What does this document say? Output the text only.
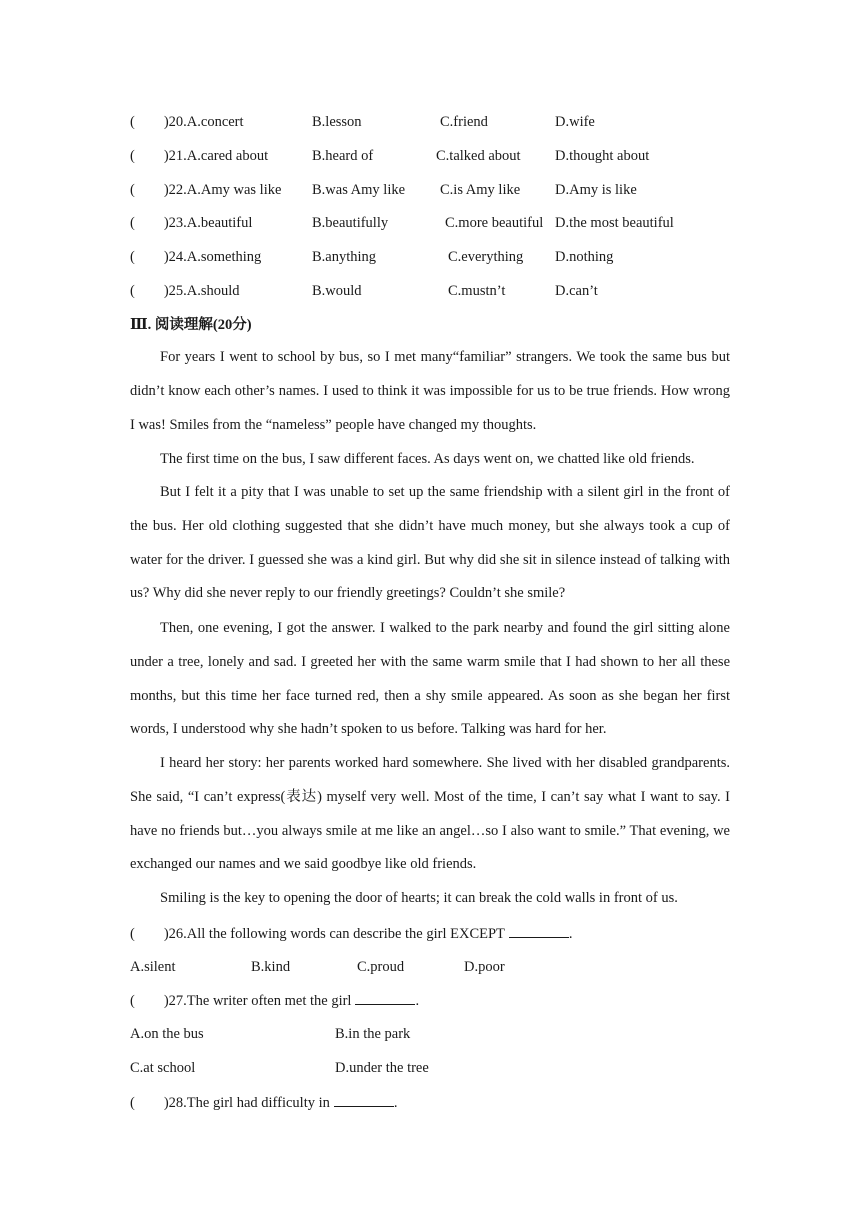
(　　)20.A.concert	B.lesson	C.friend	D.wife
(　　)21.A.cared about	B.heard of	C.talked about D.thought about
(　　)22.A.Amy was like B.was Amy like C.is Amy like D.Amy is like
(　　)23.A.beautiful	B.beautifully	C.more beautiful D.the most beautiful
(　　)24.A.something	B.anything	C.everything D.nothing
(　　)25.A.should	B.would	C.mustn’t	D.can’t
Ⅲ. 阅读理解(20分)
For years I went to school by bus, so I met many“familiar” strangers. We took the same bus but didn’t know each other’s names. I used to think it was impossible for us to be true friends. How wrong I was! Smiles from the “nameless” people have changed my thoughts.
The first time on the bus, I saw different faces. As days went on, we chatted like old friends.
But I felt it a pity that I was unable to set up the same friendship with a silent girl in the front of the bus. Her old clothing suggested that she didn’t have much money, but she always took a cup of water for the driver. I guessed she was a kind girl. But why did she sit in silence instead of talking with us? Why did she never reply to our friendly greetings? Couldn’t she smile?
Then, one evening, I got the answer. I walked to the park nearby and found the girl sitting alone under a tree, lonely and sad. I greeted her with the same warm smile that I had shown to her all these months, but this time her face turned red, then a shy smile appeared. As soon as she began her first words, I understood why she hadn’t spoken to us before. Talking was hard for her.
I heard her story: her parents worked hard somewhere. She lived with her disabled grandparents. She said, “I can’t express(表达) myself very well. Most of the time, I can’t say what I want to say. I have no friends but…you always smile at me like an angel…so I also want to smile.” That evening, we exchanged our names and we said goodbye like old friends.
Smiling is the key to opening the door of hearts; it can break the cold walls in front of us.
(　　)26.All the following words can describe the girl EXCEPT	.
A.silent	B.kind	C.proud	D.poor
(　　)27.The writer often met the girl	.
A.on the bus	B.in the park
C.at school	D.under the tree
(　　)28.The girl had difficulty in	.
